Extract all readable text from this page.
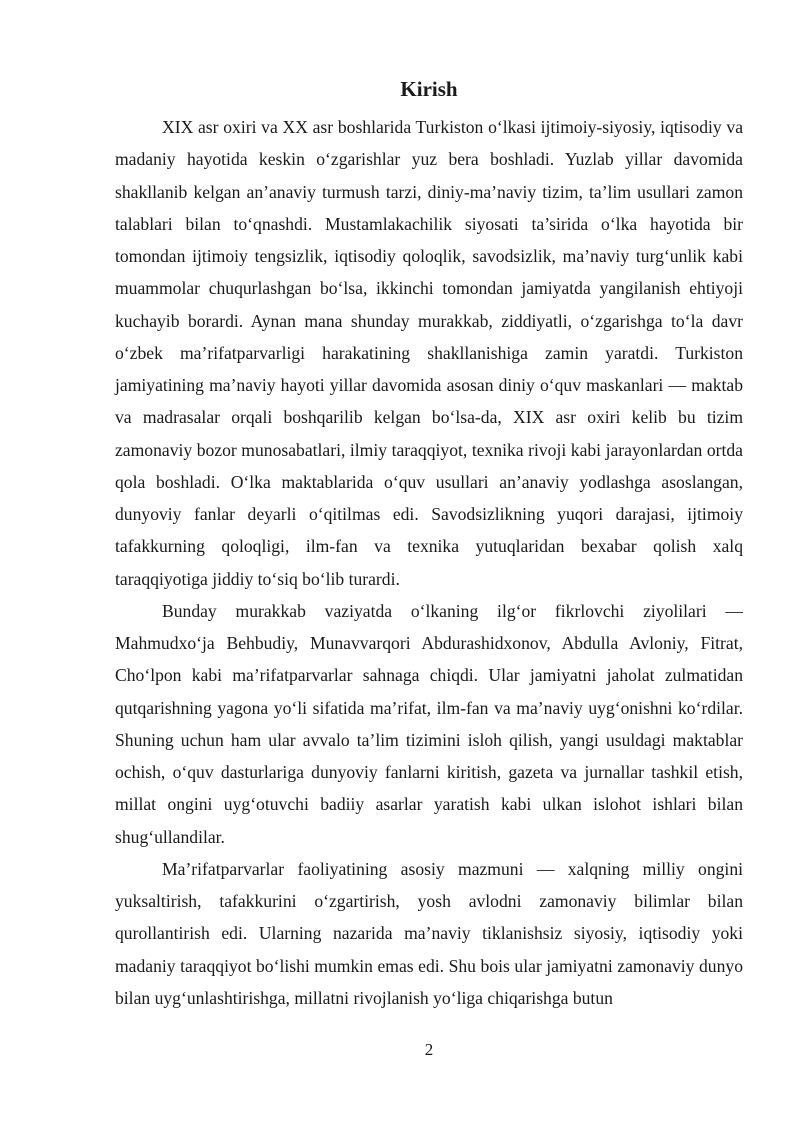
Kirish

XIX asr oxiri va XX asr boshlarida Turkiston o‘lkasi ijtimoiy-siyosiy, iqtisodiy va madaniy hayotida keskin o‘zgarishlar yuz bera boshladi. Yuzlab yillar davomida shakllanib kelgan an’anaviy turmush tarzi, diniy-ma’naviy tizim, ta’lim usullari zamon talablari bilan to‘qnashdi. Mustamlakachilik siyosati ta’sirida o‘lka hayotida bir tomondan ijtimoiy tengsizlik, iqtisodiy qoloqlik, savodsizlik, ma’naviy turg‘unlik kabi muammolar chuqurlashgan bo‘lsa, ikkinchi tomondan jamiyatda yangilanish ehtiyoji kuchayib borardi. Aynan mana shunday murakkab, ziddiyatli, o‘zgarishga to‘la davr o‘zbek ma’rifatparvarligi harakatining shakllanishiga zamin yaratdi. Turkiston jamiyatining ma’naviy hayoti yillar davomida asosan diniy o‘quv maskanlari — maktab va madrasalar orqali boshqarilib kelgan bo‘lsa-da, XIX asr oxiri kelib bu tizim zamonaviy bozor munosabatlari, ilmiy taraqqiyot, texnika rivoji kabi jarayonlardan ortda qola boshladi. O‘lka maktablarida o‘quv usullari an’anaviy yodlashga asoslangan, dunyoviy fanlar deyarli o‘qitilmas edi. Savodsizlikning yuqori darajasi, ijtimoiy tafakkurning qoloqligi, ilm-fan va texnika yutuqlaridan bexabar qolish xalq taraqqiyotiga jiddiy to‘siq bo‘lib turardi.

Bunday murakkab vaziyatda o‘lkaning ilg‘or fikrlovchi ziyolilari — Mahmudxo‘ja Behbudiy, Munavvarqori Abdurashidxonov, Abdulla Avloniy, Fitrat, Cho‘lpon kabi ma’rifatparvarlar sahnaga chiqdi. Ular jamiyatni jaholat zulmatidan qutqarishning yagona yo‘li sifatida ma’rifat, ilm-fan va ma’naviy uyg‘onishni ko‘rdilar. Shuning uchun ham ular avvalo ta’lim tizimini isloh qilish, yangi usuldagi maktablar ochish, o‘quv dasturlariga dunyoviy fanlarni kiritish, gazeta va jurnallar tashkil etish, millat ongini uyg‘otuvchi badiiy asarlar yaratish kabi ulkan islohot ishlari bilan shug‘ullandilar.

Ma’rifatparvarlar faoliyatining asosiy mazmuni — xalqning milliy ongini yuksaltirish, tafakkurini o‘zgartirish, yosh avlodni zamonaviy bilimlar bilan qurollantirish edi. Ularning nazarida ma’naviy tiklanishsiz siyosiy, iqtisodiy yoki madaniy taraqqiyot bo‘lishi mumkin emas edi. Shu bois ular jamiyatni zamonaviy dunyo bilan uyg‘unlashtirishga, millatni rivojlanish yo‘liga chiqarishga butun

2
